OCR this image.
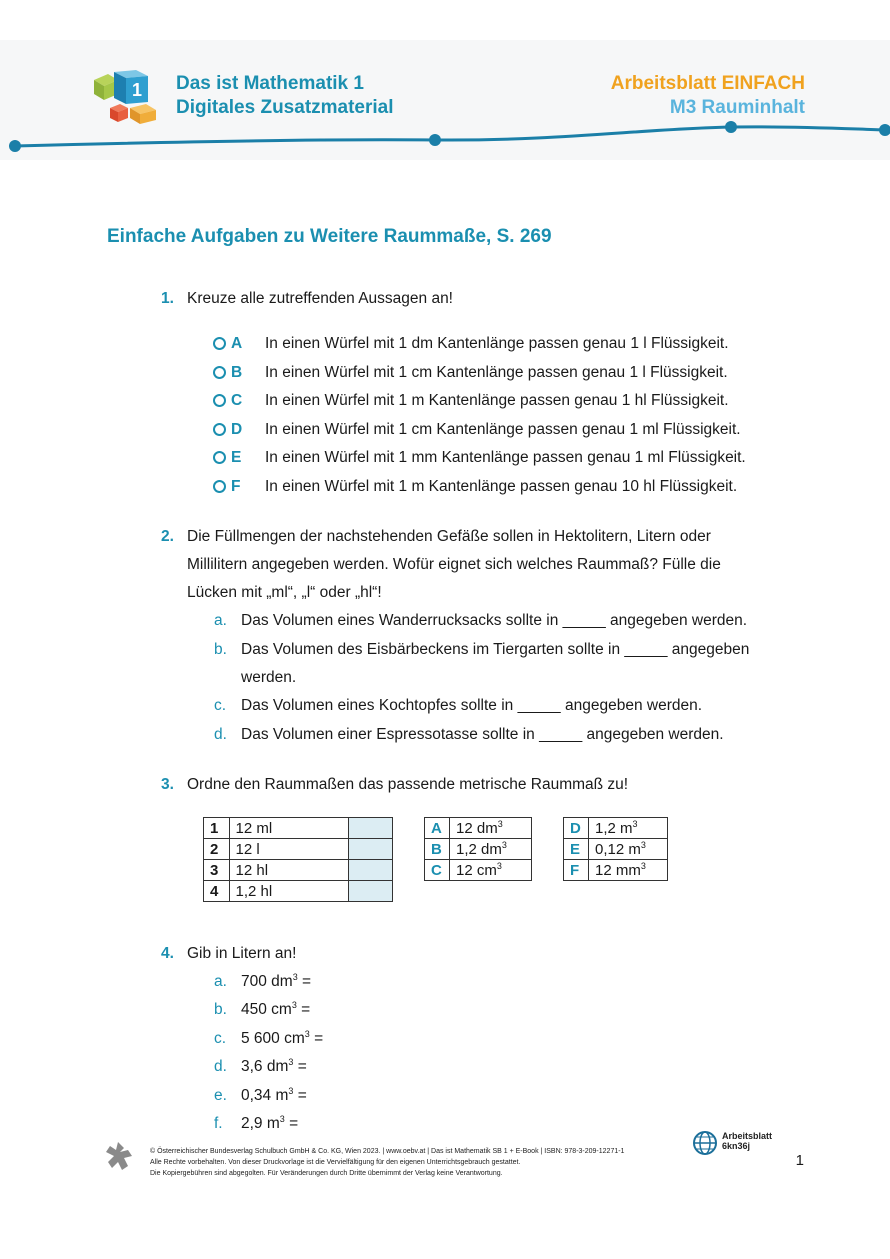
1 Das ist Mathematik 1
Digitales Zusatzmaterial
Arbeitsblatt EINFACH
M3 Rauminhalt
Einfache Aufgaben zu Weitere Raummaße, S. 269
1. Kreuze alle zutreffenden Aussagen an!
A In einen Würfel mit 1 dm Kantenlänge passen genau 1 l Flüssigkeit.
B In einen Würfel mit 1 cm Kantenlänge passen genau 1 l Flüssigkeit.
C In einen Würfel mit 1 m Kantenlänge passen genau 1 hl Flüssigkeit.
D In einen Würfel mit 1 cm Kantenlänge passen genau 1 ml Flüssigkeit.
E In einen Würfel mit 1 mm Kantenlänge passen genau 1 ml Flüssigkeit.
F In einen Würfel mit 1 m Kantenlänge passen genau 10 hl Flüssigkeit.
2. Die Füllmengen der nachstehenden Gefäße sollen in Hektolitern, Litern oder
Millilitern angegeben werden. Wofür eignet sich welches Raummaß? Fülle die
Lücken mit „ml“, „l“ oder „hl“!
a. Das Volumen eines Wanderrucksacks sollte in _____ angegeben werden.
b. Das Volumen des Eisbärbeckens im Tiergarten sollte in _____ angegeben
werden.
c. Das Volumen eines Kochtopfes sollte in _____ angegeben werden.
d. Das Volumen einer Espressotasse sollte in _____ angegeben werden.
3. Ordne den Raummaßen das passende metrische Raummaß zu!
1	12 ml	
2	12 l	
3	12 hl	
4	1,2 hl	
A	12 $dm^3$
B	1,2 $dm^3$
C	12 $cm^3$
D	1,2 $m^3$
E	0,12 $m^3$
F	12 $mm^3$
4. Gib in Litern an!
a. 700 $dm^3$ =
b. 450 $cm^3$ =
c. 5 600 $cm^3$ =
d. 3,6 $dm^3$ =
e. 0,34 $m^3$ =
f. 2,9 $m^3$ =
© Österreichischer Bundesverlag Schulbuch GmbH & Co. KG, Wien 2023. | www.oebv.at | Das ist Mathematik SB 1 + E-Book | ISBN: 978-3-209-12271-1
Alle Rechte vorbehalten. Von dieser Druckvorlage ist die Vervielfältigung für den eigenen Unterrichtsgebrauch gestattet.
Die Kopiergebühren sind abgegolten. Für Veränderungen durch Dritte übernimmt der Verlag keine Verantwortung.
Arbeitsblatt
6kn36j
1
